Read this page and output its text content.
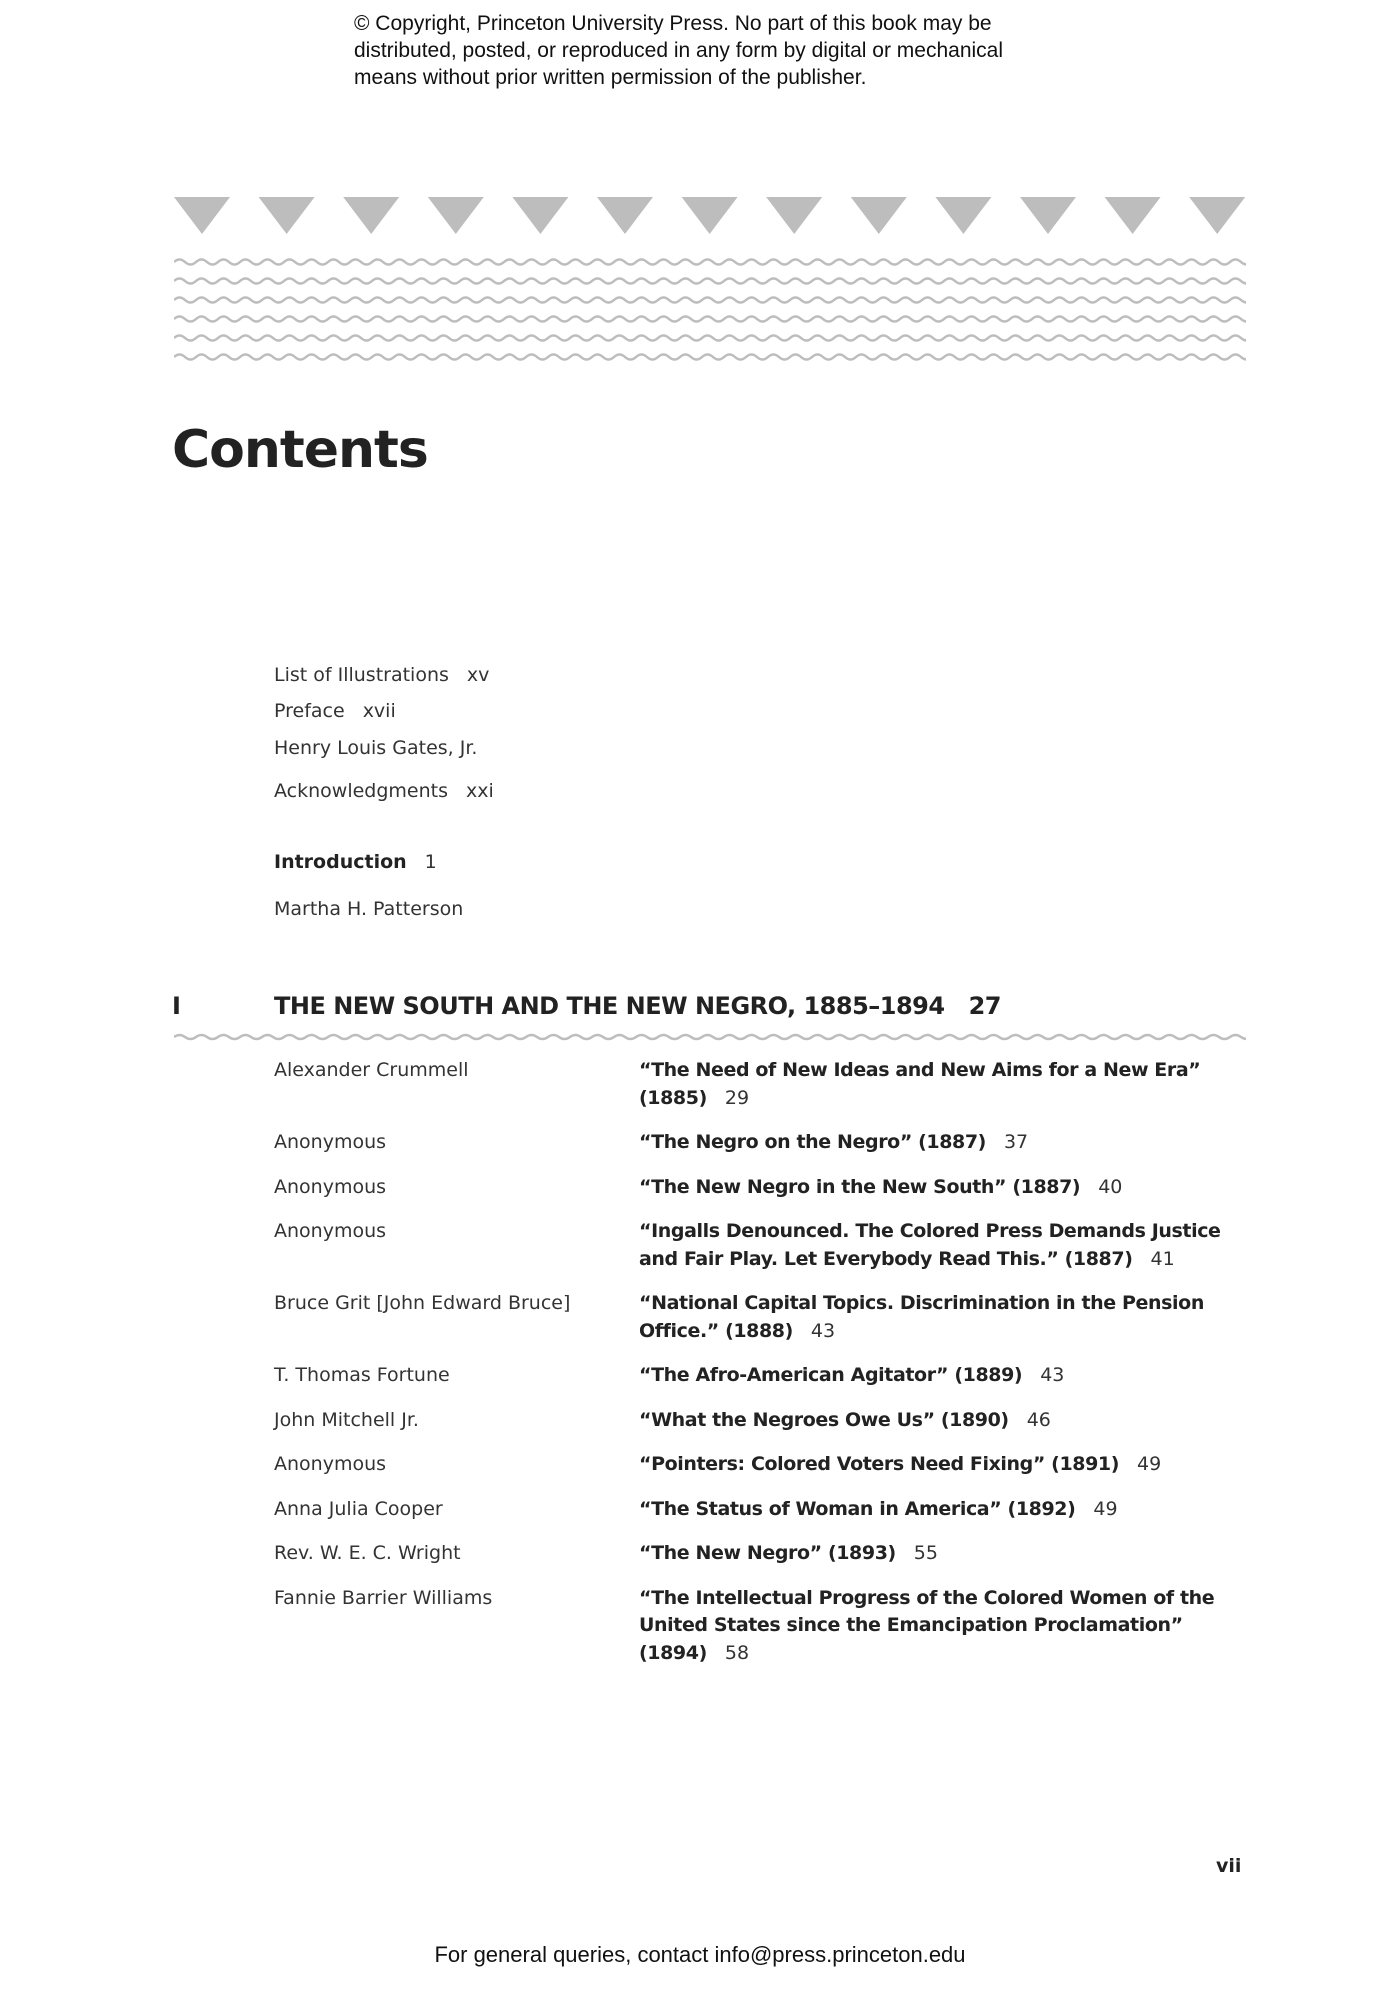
© Copyright, Princeton University Press. No part of this book may be
distributed, posted, or reproduced in any form by digital or mechanical
means without prior written permission of the publisher.
Contents
List of Illustrations xv
Preface xvii
Henry Louis Gates, Jr.
Acknowledgments xxi
Introduction 1
Martha H. Patterson
I	THE NEW SOUTH AND THE NEW NEGRO, 1885–1894 27
Alexander Crummell	“The Need of New Ideas and New Aims for a New Era” (1885) 29
Anonymous	“The Negro on the Negro” (1887) 37
Anonymous	“The New Negro in the New South” (1887) 40
Anonymous	“Ingalls Denounced. The Colored Press Demands Justice and Fair Play. Let Everybody Read This.” (1887) 41
Bruce Grit [John Edward Bruce]	“National Capital Topics. Discrimination in the Pension Office.” (1888) 43
T. Thomas Fortune	“The Afro-American Agitator” (1889) 43
John Mitchell Jr.	“What the Negroes Owe Us” (1890) 46
Anonymous	“Pointers: Colored Voters Need Fixing” (1891) 49
Anna Julia Cooper	“The Status of Woman in America” (1892) 49
Rev. W. E. C. Wright	“The New Negro” (1893) 55
Fannie Barrier Williams	“The Intellectual Progress of the Colored Women of the United States since the Emancipation Proclamation” (1894) 58
vii
For general queries, contact info@press.princeton.edu
